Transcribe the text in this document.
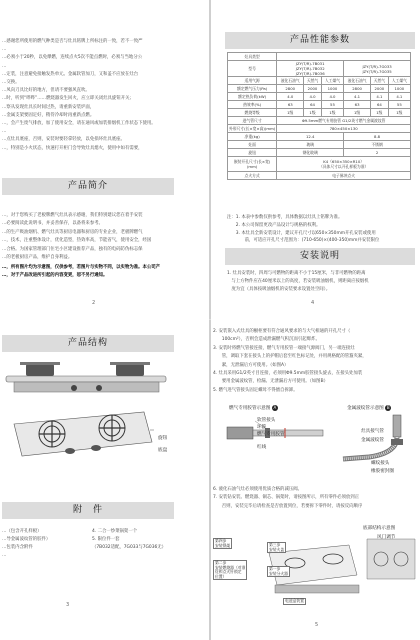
…感谢您所使用的燃气种类是否与灶具铭牌上所标注的一致，若不一致严
…
…必须小于20秒，以免爆燃，连续点火5次不能点燃时，必须与当地分公
…
…定装，注意避免接触发热单元。金属软管加刀，又和盖不应放在灶台
…交换。
…凤向刀具比好的地方，但请不要强风直吹。
…时，听到“哔哔”……燃烧器发生回火，应立即关闭灶具旋钮开关；
…察从发现灶具长时间过热，请重新安装炉面，
…金属支架要固定好，稍待冷却时再重新点燃。
…，会产生废气排放，加了使用安全，请在通风或加装排烟机工作状态下使用。
…
…点灶具底座，否则，安装时要轻拿轻放，以免损坏灶具底座。
…，特别是小火状态，快速打开柜门会导致灶具熄火，使用中如有需要，
产品简介
…，对于您购买了老板牌燃气灶具表示感谢，我们特别建议您在着手安装
…必要阅读此说明书，并妥善保存，以备将来参考。
…的生产吸油烟机、燃气灶具等厨房电器和厨房的专业企业，老板牌燃气
…，技术，注重整体设计，优化造型，热效率高，节能省气，使用安全，经国
…合格。为国家管理部门住宅小区建设推荐产品，独有的电码防伪标志保
…的老板厨房产品，维护自身利益。
…，所有图片均为示意图，仅供参考，若图片与实物不同，以实物为准。本公司产
…，对于产品改进所引起的内容变更，恕不另行通知。
2
产品性能参数
灶具类型						
型号	JZY/T/R)-7B031
JZY(T/R)-7B032
JZY(T/R)-7B036			JZY(T/R)-7G033
JZY(T/R)-7G035		
适用气源	液化石油气	天然气	人工煤气	液化石油气	天然气	人工煤气
额定燃气压力(Pa)	2800	2000	1000	2800	2000	1000
额定热负荷(kW)	4.0	4.0	4.0	4.1	4.1	4.1
热效率(%)	63	64	55	63	64	55
燃烧等级	1级	1级	1级	1级	1级	1级
进气管尺寸	Φ9.5mm燃气专用胶管 G1/2英寸燃气金属波纹管					
外形尺寸(长×宽×高)(mm)	780×450×130					
净重(kg)	12.4			8.8		
灶面	玻璃			不锈钢		
旋钮	钢化玻璃			2		
嵌装开孔尺寸(长×宽)(mm)	K4（650×350×R10）
（具体尺寸以开孔样板为准）					
点火方式	电子脉冲点火					
注：1. 本表中参数仅供参考，具体数据以灶具上铭牌为准。
　　2. 本公司保留更改产品设计与规格的权利。
　　3. 本灶具全新安装设计，建议开孔尺寸以650×350mm开孔安装或使用
　　　　前，可适应开孔尺寸范围为：(710-650)×(400-350)mm并安装限位
安装说明
1. 灶具安装时，四周与可燃物的距离不小于15厘米，与非可燃物的距离
　与上方物件应在40厘米以上的高度，若安装吸油烟机，则距离应按烟机
　度为宜（具体按吸油烟机的安装要求设置处空间）。
4
产品结构
旋钮
底盘
附　件
…（包含开孔样板）
…导金属波纹管的胶件）
…包装内含附件
…
4. 二合一炒菜锅架一个
5. 限位件一套
（7B032适配，7G033与7G036无）
3
2. 安装嵌入式灶具的橱柜要有符合通风要求的与大气相通的开孔尺寸（
　　100cm²），否则会造成泄漏燃气积沉而引起爆炸。
3. 安装时将燃气管接连接，燃气专用胶管一端接气源阀门，另一端连接灶
　　管，调取下套在接头上的护帽后套至红色标记处，并用规格配的管箍夹紧，
　　紧，无泄漏后方可使用。（如图A）
4. 灶具采用G1/2英寸目连接，必须用Φ9.5mm胶管接头旋去，在接头处加装
　　要用金属波纹管，检漏、无泄漏后方可使用。（如图B）
5. 燃气进气管接头固定螺母不得擅自拆卸。
燃气专用胶管示意图 A	金属波纹管示意图 B
软管接头
环箍
燃气专用胶管
红线
灶具接气管
金属波纹管
螺纹接头
橡胶密封圈
6. 液化石油气灶必须使用优质合格的减压阀。
7. 安装钻安装。燃烧器、铜芯、锅架时，请按图所示，所有零件必须放到正
　　否则，安装完毕后请检查是否放置到位，若要拆下零件时，请按反向顺序
底部结构示意图
第四步
安装锅架	第三步
安装火盖
第二步
安装燃烧器（对准
灶和点火针锁定
位置）
第一步
安装分火器
电池盒装置
风门调节
5
